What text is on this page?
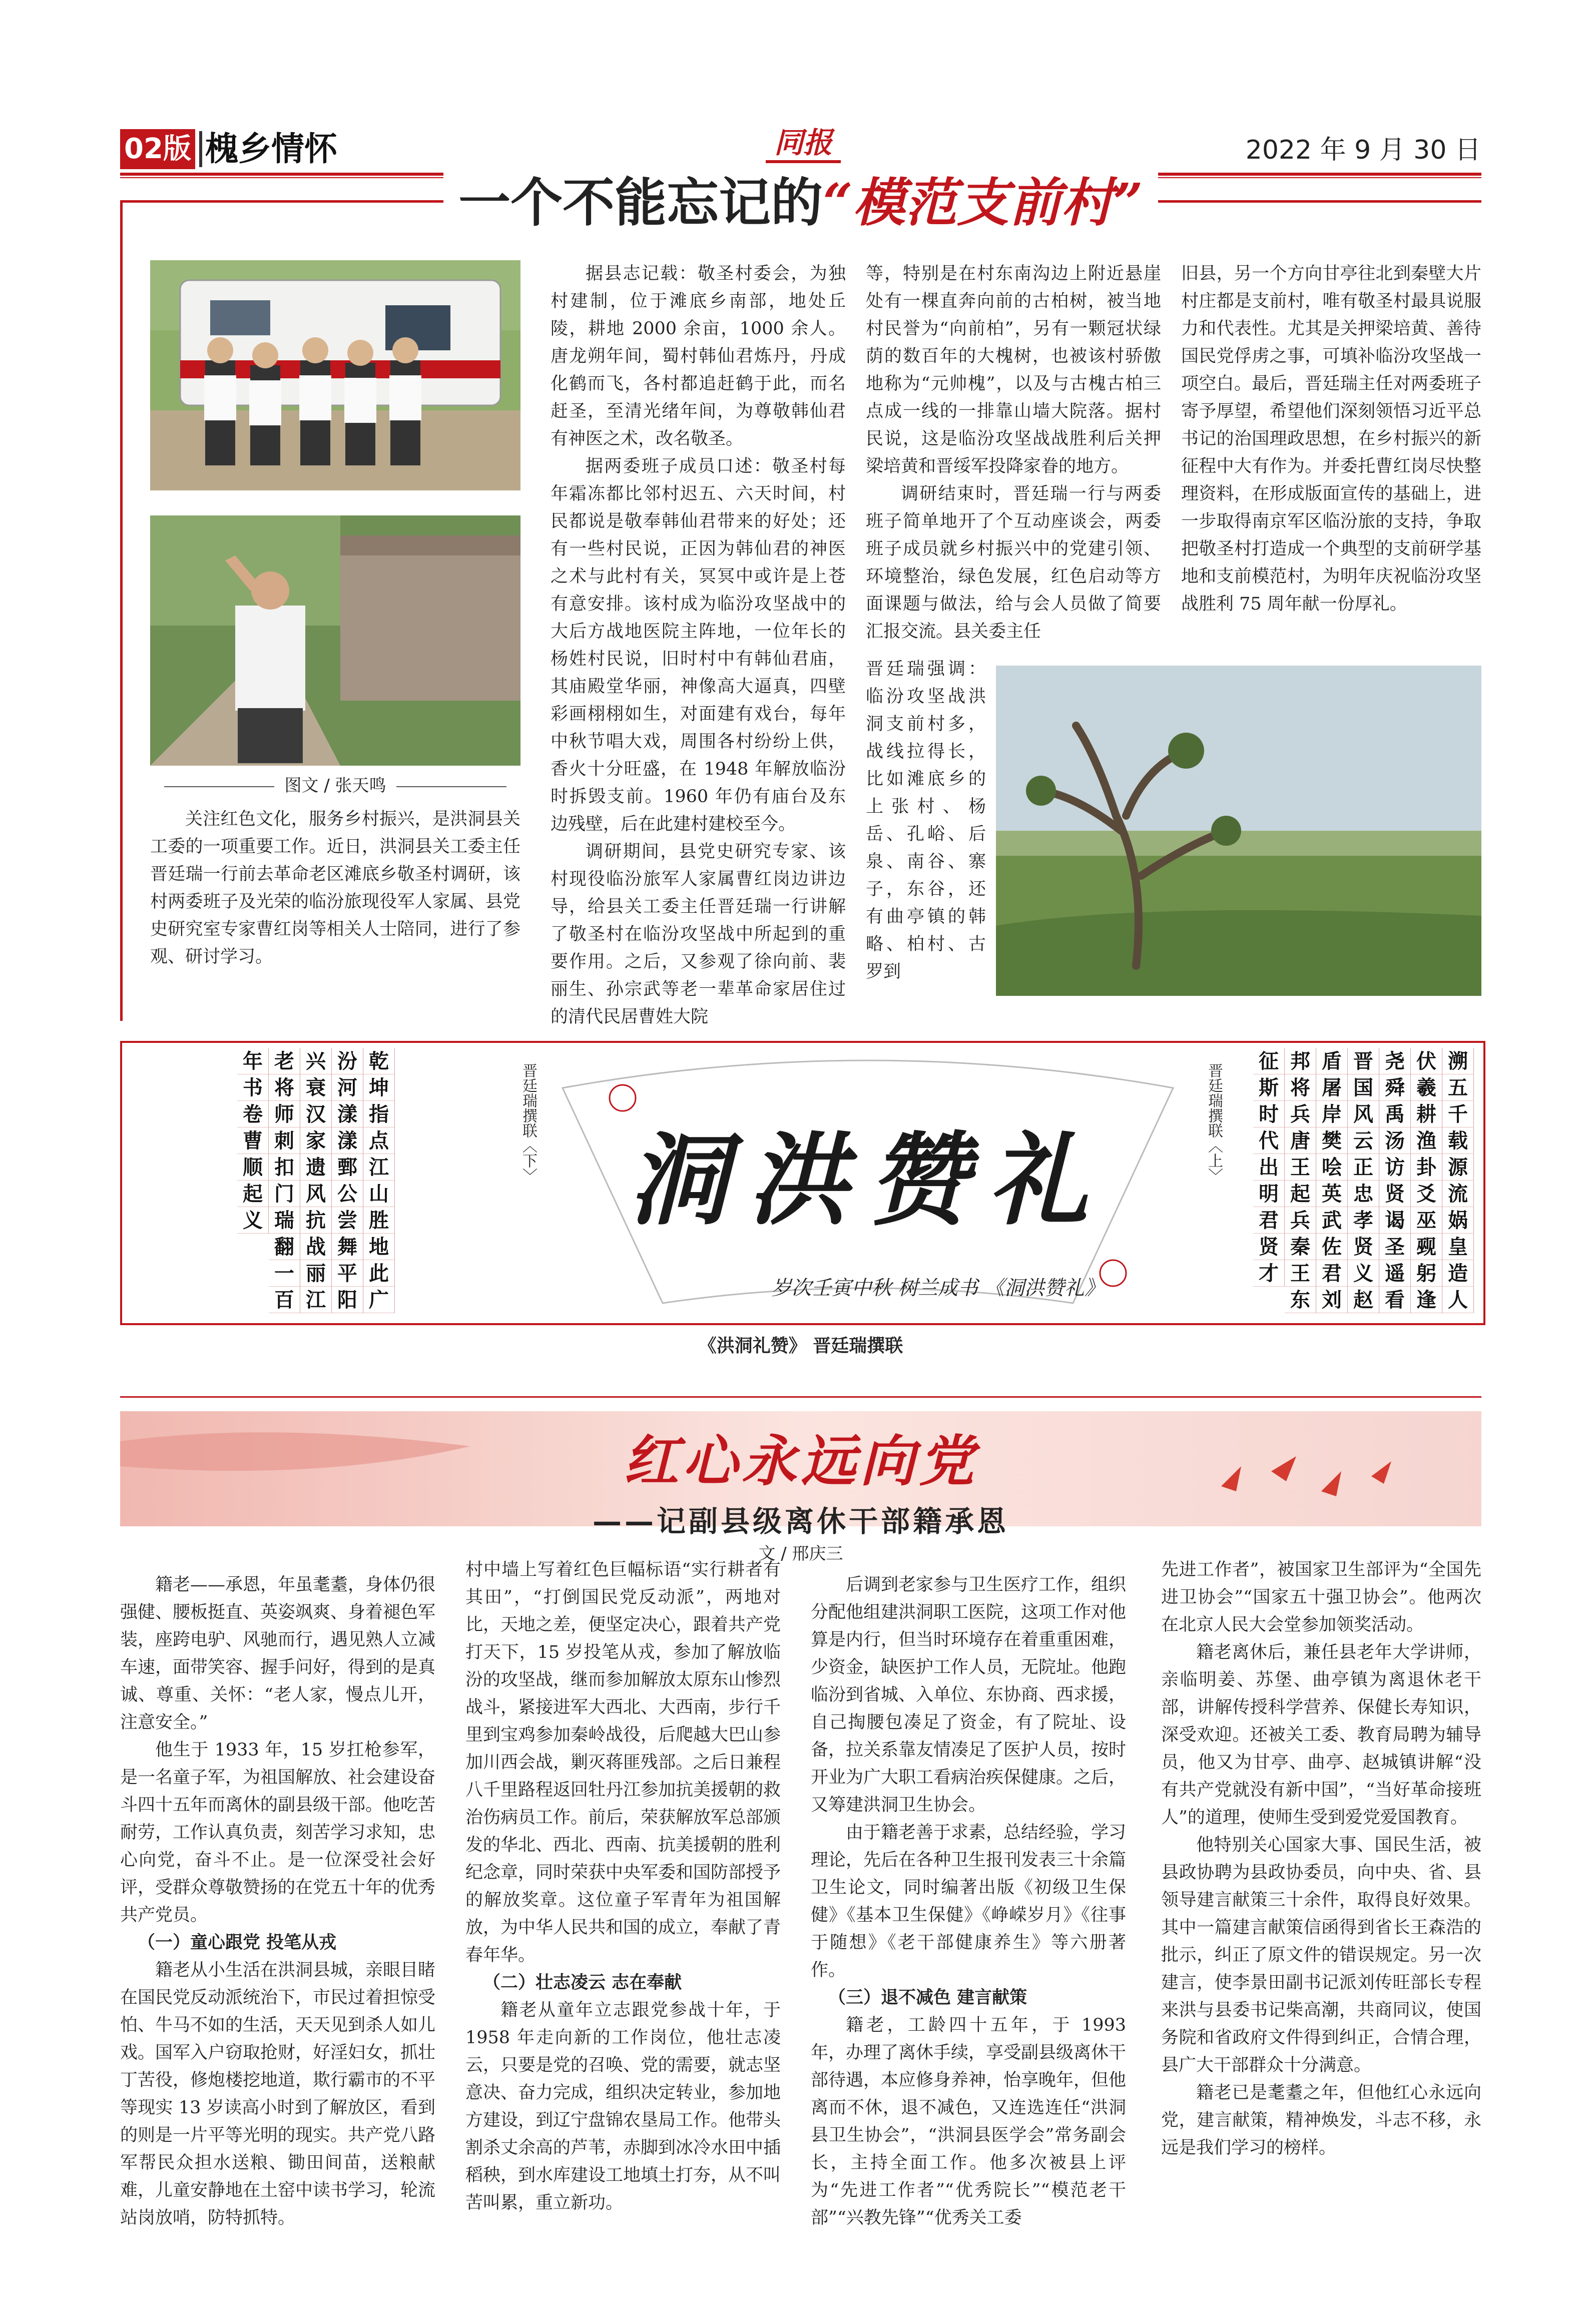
02版 槐乡情怀	同报	2022 年 9 月 30 日
一个不能忘记的“模范支前村”
图文 / 张天鸣

关注红色文化，服务乡村振兴，是洪洞县关工委的一项重要工作。近日，洪洞县关工委主任晋廷瑞一行前去革命老区滩底乡敬圣村调研，该村两委班子及光荣的临汾旅现役军人家属、县党史研究室专家曹红岗等相关人士陪同，进行了参观、研讨学习。

据县志记载：敬圣村委会，为独村建制，位于滩底乡南部，地处丘陵，耕地 2000 余亩，1000 余人。唐龙朔年间，蜀村韩仙君炼丹，丹成化鹤而飞，各村都追赶鹤于此，而名赶圣，至清光绪年间，为尊敬韩仙君有神医之术，改名敬圣。

据两委班子成员口述：敬圣村每年霜冻都比邻村迟五、六天时间，村民都说是敬奉韩仙君带来的好处；还有一些村民说，正因为韩仙君的神医之术与此村有关，冥冥中或许是上苍有意安排。该村成为临汾攻坚战中的大后方战地医院主阵地，一位年长的杨姓村民说，旧时村中有韩仙君庙，其庙殿堂华丽，神像高大逼真，四壁彩画栩栩如生，对面建有戏台，每年中秋节唱大戏，周围各村纷纷上供，香火十分旺盛，在 1948 年解放临汾时拆毁支前。1960 年仍有庙台及东边残壁，后在此建村建校至今。

调研期间，县党史研究专家、该村现役临汾旅军人家属曹红岗边讲边导，给县关工委主任晋廷瑞一行讲解了敬圣村在临汾攻坚战中所起到的重要作用。之后，又参观了徐向前、裴丽生、孙宗武等老一辈革命家居住过的清代民居曹姓大院

等，特别是在村东南沟边上附近悬崖处有一棵直奔向前的古柏树，被当地村民誉为“向前柏”，另有一颗冠状绿荫的数百年的大槐树，也被该村骄傲地称为“元帅槐”，以及与古槐古柏三点成一线的一排靠山墙大院落。据村民说，这是临汾攻坚战战胜利后关押梁培黄和晋绥军投降家眷的地方。

调研结束时，晋廷瑞一行与两委班子简单地开了个互动座谈会，两委班子成员就乡村振兴中的党建引领、环境整治，绿色发展，红色启动等方面课题与做法，给与会人员做了简要汇报交流。县关委主任

晋廷瑞强调：临汾攻坚战洪洞支前村多，战线拉得长，比如滩底乡的上张村、杨岳、孔峪、后泉、南谷、寨子，东谷，还有曲亭镇的韩略、柏村、古罗到

旧县，另一个方向甘亭往北到秦壁大片村庄都是支前村，唯有敬圣村最具说服力和代表性。尤其是关押梁培黄、善待国民党俘虏之事，可填补临汾攻坚战一项空白。最后，晋廷瑞主任对两委班子寄予厚望，希望他们深刻领悟习近平总书记的治国理政思想，在乡村振兴的新征程中大有作为。并委托曹红岗尽快整理资料，在形成版面宣传的基础上，进一步取得南京军区临汾旅的支持，争取把敬圣村打造成一个典型的支前研学基地和支前模范村，为明年庆祝临汾攻坚战胜利 75 周年献一份厚礼。

溯
五
千
载
源
流
娲
皇
造
人
伏
羲
耕
渔
卦
爻
巫
觋
躬
逢
尧
舜
禹
汤
访
贤
谒
圣
遥
看
晋
国
风
云
正
忠
孝
贤
义
赵
盾
屠
岸
樊
哙
英
武
佐
君
刘
邦
将
兵
唐
王
起
兵
秦
王
东
征
斯
时
代
出
明
君
贤
才
乾
坤
指
点
江
山
胜
地
此
广
汾
河
漾
漾
鄄
公
尝
舞
平
阳
兴
衰
汉
家
遗
风
抗
战
丽
江
老
将
师
刺
扣
门
瑞
翻
一
百
年
书
卷
曹
顺
起
义
晋廷瑞撰联〈上〉
晋廷瑞撰联〈下〉 洞洪赞礼
岁次壬寅中秋 树兰成书 《洞洪赞礼》
《洪洞礼赞》 晋廷瑞撰联
红心永远向党
——记副县级离休干部籍承恩
文 / 邢庆三

籍老——承恩，年虽耄耋，身体仍很强健、腰板挺直、英姿飒爽、身着褪色军装，座跨电驴、风驰而行，遇见熟人立减车速，面带笑容、握手问好，得到的是真诚、尊重、关怀：“老人家，慢点儿开，注意安全。”

他生于 1933 年，15 岁扛枪参军，是一名童子军，为祖国解放、社会建设奋斗四十五年而离休的副县级干部。他吃苦耐劳，工作认真负责，刻苦学习求知，忠心向党，奋斗不止。是一位深受社会好评，受群众尊敬赞扬的在党五十年的优秀共产党员。

（一）童心跟党 投笔从戎

籍老从小生活在洪洞县城，亲眼目睹在国民党反动派统治下，市民过着担惊受怕、牛马不如的生活，天天见到杀人如儿戏。国军入户窃取抢财，好淫妇女，抓壮丁苦役，修炮楼挖地道，欺行霸市的不平等现实 13 岁读高小时到了解放区，看到的则是一片平等光明的现实。共产党八路军帮民众担水送粮、锄田间苗，送粮献难，儿童安静地在土窑中读书学习，轮流站岗放哨，防特抓特。

村中墙上写着红色巨幅标语“实行耕者有其田”，“打倒国民党反动派”，两地对比，天地之差，便坚定决心，跟着共产党打天下，15 岁投笔从戎，参加了解放临汾的攻坚战，继而参加解放太原东山惨烈战斗，紧接进军大西北、大西南，步行千里到宝鸡参加秦岭战役，后爬越大巴山参加川西会战，剿灭蒋匪残部。之后日兼程八千里路程返回牡丹江参加抗美援朝的救治伤病员工作。前后，荣获解放军总部颁发的华北、西北、西南、抗美援朝的胜利纪念章，同时荣获中央军委和国防部授予的解放奖章。这位童子军青年为祖国解放，为中华人民共和国的成立，奉献了青春年华。

（二）壮志凌云 志在奉献

籍老从童年立志跟党参战十年，于 1958 年走向新的工作岗位，他壮志凌云，只要是党的召唤、党的需要，就志坚意决、奋力完成，组织决定转业，参加地方建设，到辽宁盘锦农垦局工作。他带头割杀丈余高的芦苇，赤脚到冰冷水田中插稻秧，到水库建设工地填土打夯，从不叫苦叫累，重立新功。

后调到老家参与卫生医疗工作，组织分配他组建洪洞职工医院，这项工作对他算是内行，但当时环境存在着重重困难，少资金，缺医护工作人员，无院址。他跑临汾到省城、入单位、东协商、西求援，自己掏腰包凑足了资金，有了院址、设备，拉关系靠友情凑足了医护人员，按时开业为广大职工看病治疾保健康。之后，又筹建洪洞卫生协会。

由于籍老善于求素，总结经验，学习理论，先后在各种卫生报刊发表三十余篇卫生论文，同时编著出版《初级卫生保健》《基本卫生保健》《峥嵘岁月》《往事于随想》《老干部健康养生》等六册著作。

（三）退不减色 建言献策

籍老，工龄四十五年，于 1993 年，办理了离休手续，享受副县级离休干部待遇，本应修身养神，怡享晚年，但他离而不休，退不减色，又连选连任“洪洞县卫生协会”，“洪洞县医学会”常务副会长，主持全面工作。他多次被县上评为“先进工作者”“优秀院长”“模范老干部”“兴教先锋”“优秀关工委

先进工作者”，被国家卫生部评为“全国先进卫协会”“国家五十强卫协会”。他两次在北京人民大会堂参加领奖活动。

籍老离休后，兼任县老年大学讲师，亲临明姜、苏堡、曲亭镇为离退休老干部，讲解传授科学营养、保健长寿知识，深受欢迎。还被关工委、教育局聘为辅导员，他又为甘亭、曲亭、赵城镇讲解“没有共产党就没有新中国”，“当好革命接班人”的道理，使师生受到爱党爱国教育。

他特别关心国家大事、国民生活，被县政协聘为县政协委员，向中央、省、县领导建言献策三十余件，取得良好效果。其中一篇建言献策信函得到省长王森浩的批示，纠正了原文件的错误规定。另一次建言，使李景田副书记派刘传旺部长专程来洪与县委书记柴高潮，共商同议，使国务院和省政府文件得到纠正，合情合理，县广大干部群众十分满意。

籍老已是耄耋之年，但他红心永远向党，建言献策，精神焕发，斗志不移，永远是我们学习的榜样。
